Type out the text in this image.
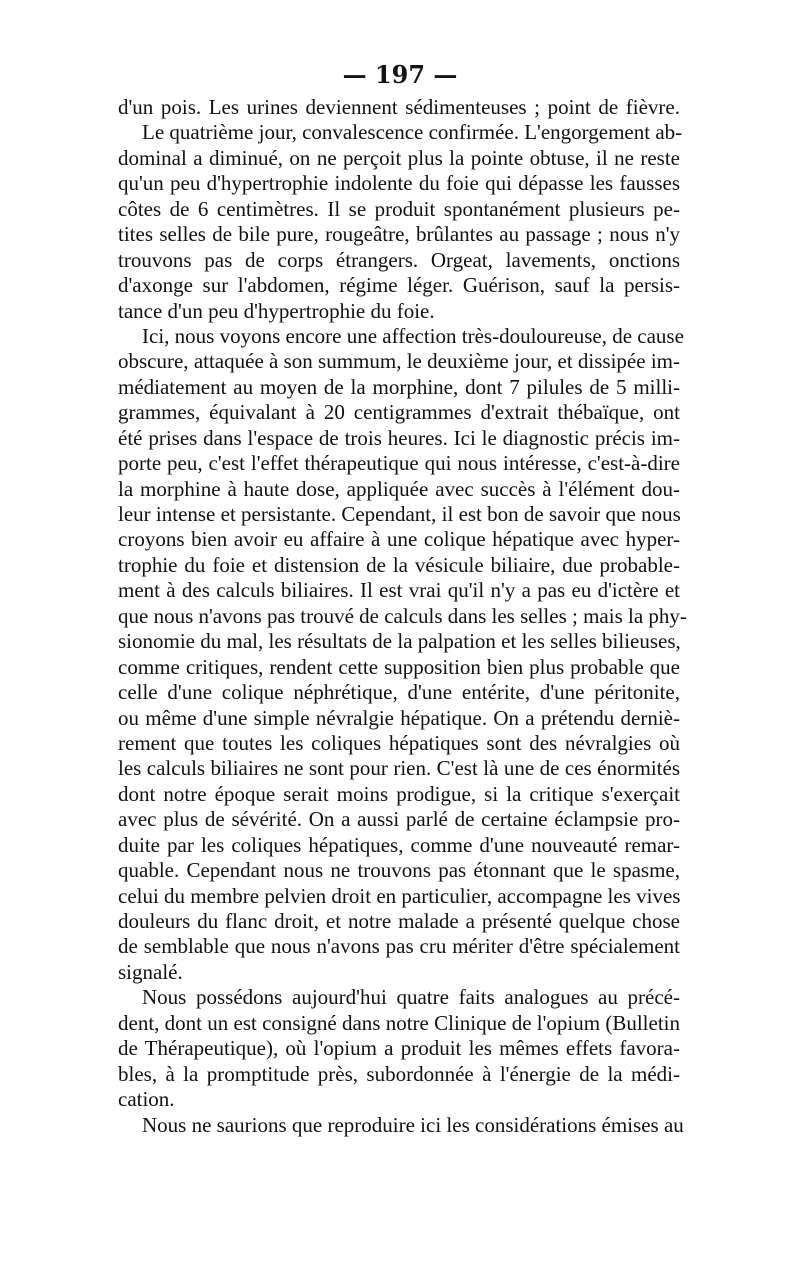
— 197 —
d'un pois. Les urines deviennent sédimenteuses ; point de fièvre.
Le quatrième jour, convalescence confirmée. L'engorgement ab-
dominal a diminué, on ne perçoit plus la pointe obtuse, il ne reste
qu'un peu d'hypertrophie indolente du foie qui dépasse les fausses
côtes de 6 centimètres. Il se produit spontanément plusieurs pe-
tites selles de bile pure, rougeâtre, brûlantes au passage ; nous n'y
trouvons pas de corps étrangers. Orgeat, lavements, onctions
d'axonge sur l'abdomen, régime léger. Guérison, sauf la persis-
tance d'un peu d'hypertrophie du foie.
Ici, nous voyons encore une affection très-douloureuse, de cause
obscure, attaquée à son summum, le deuxième jour, et dissipée im-
médiatement au moyen de la morphine, dont 7 pilules de 5 milli-
grammes, équivalant à 20 centigrammes d'extrait thébaïque, ont
été prises dans l'espace de trois heures. Ici le diagnostic précis im-
porte peu, c'est l'effet thérapeutique qui nous intéresse, c'est-à-dire
la morphine à haute dose, appliquée avec succès à l'élément dou-
leur intense et persistante. Cependant, il est bon de savoir que nous
croyons bien avoir eu affaire à une colique hépatique avec hyper-
trophie du foie et distension de la vésicule biliaire, due probable-
ment à des calculs biliaires. Il est vrai qu'il n'y a pas eu d'ictère et
que nous n'avons pas trouvé de calculs dans les selles ; mais la phy-
sionomie du mal, les résultats de la palpation et les selles bilieuses,
comme critiques, rendent cette supposition bien plus probable que
celle d'une colique néphrétique, d'une entérite, d'une péritonite,
ou même d'une simple névralgie hépatique. On a prétendu derniè-
rement que toutes les coliques hépatiques sont des névralgies où
les calculs biliaires ne sont pour rien. C'est là une de ces énormités
dont notre époque serait moins prodigue, si la critique s'exerçait
avec plus de sévérité. On a aussi parlé de certaine éclampsie pro-
duite par les coliques hépatiques, comme d'une nouveauté remar-
quable. Cependant nous ne trouvons pas étonnant que le spasme,
celui du membre pelvien droit en particulier, accompagne les vives
douleurs du flanc droit, et notre malade a présenté quelque chose
de semblable que nous n'avons pas cru mériter d'être spécialement
signalé.
Nous possédons aujourd'hui quatre faits analogues au précé-
dent, dont un est consigné dans notre Clinique de l'opium (Bulletin
de Thérapeutique), où l'opium a produit les mêmes effets favora-
bles, à la promptitude près, subordonnée à l'énergie de la médi-
cation.
Nous ne saurions que reproduire ici les considérations émises au
